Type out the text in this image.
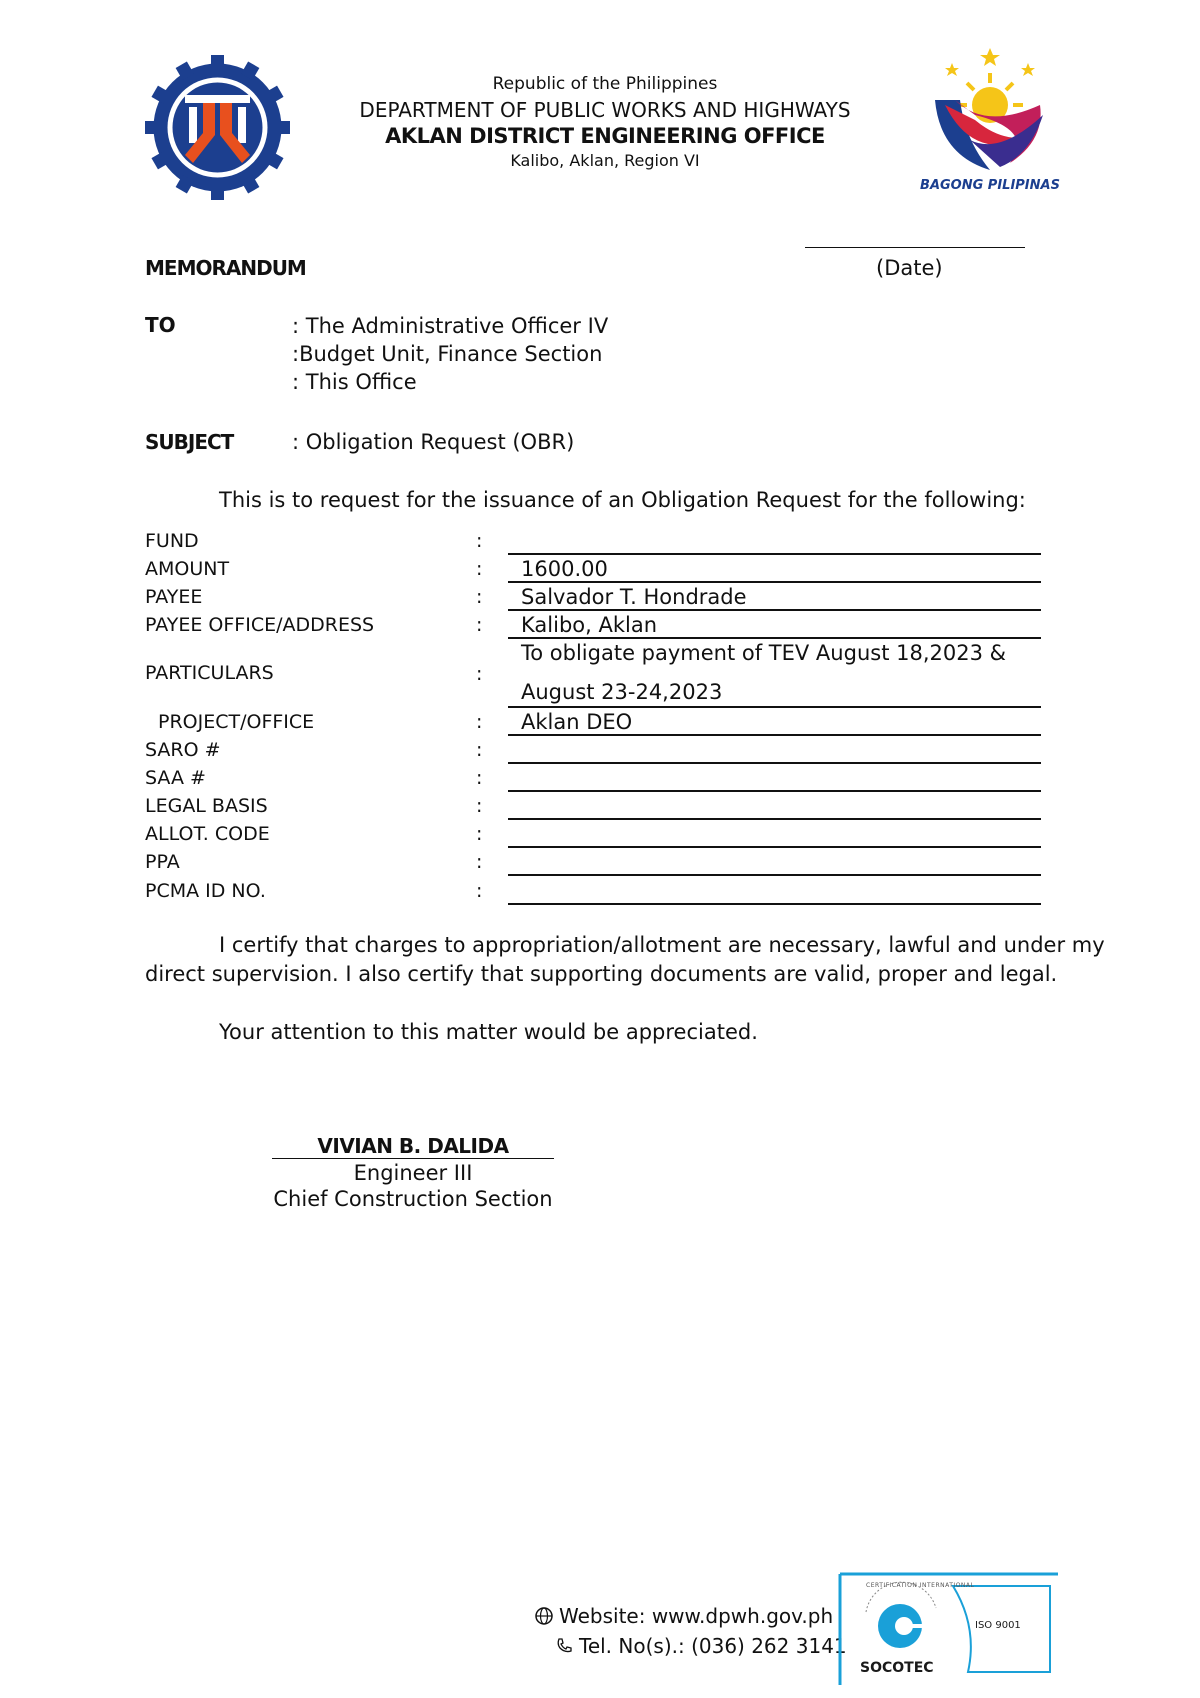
Republic of the Philippines
DEPARTMENT OF PUBLIC WORKS AND HIGHWAYS
AKLAN DISTRICT ENGINEERING OFFICE
Kalibo, Aklan, Region VI
BAGONG PILIPINAS
MEMORANDUM	(Date)
TO	: The Administrative Officer IV
:Budget Unit, Finance Section
: This Office
SUBJECT	: Obligation Request (OBR)
This is to request for the issuance of an Obligation Request for the following:
FUND	:
AMOUNT	: 1600.00
PAYEE	: Salvador T. Hondrade
PAYEE OFFICE/ADDRESS	: Kalibo, Aklan
PARTICULARS	:
To obligate payment of TEV August 18,2023 &
August 23-24,2023
PROJECT/OFFICE	: Aklan DEO
SARO #	:
SAA #	:
LEGAL BASIS	:
ALLOT. CODE	:
PPA	:
PCMA ID NO.	:
I certify that charges to appropriation/allotment are necessary, lawful and under my
direct supervision. I also certify that supporting documents are valid, proper and legal.
Your attention to this matter would be appreciated.
VIVIAN B. DALIDA
Engineer III
Chief Construction Section
Website: www.dpwh.gov.ph
Tel. No(s).: (036) 262 3141
CERTIFICATION INTERNATIONAL
SOCOTEC
ISO 9001
